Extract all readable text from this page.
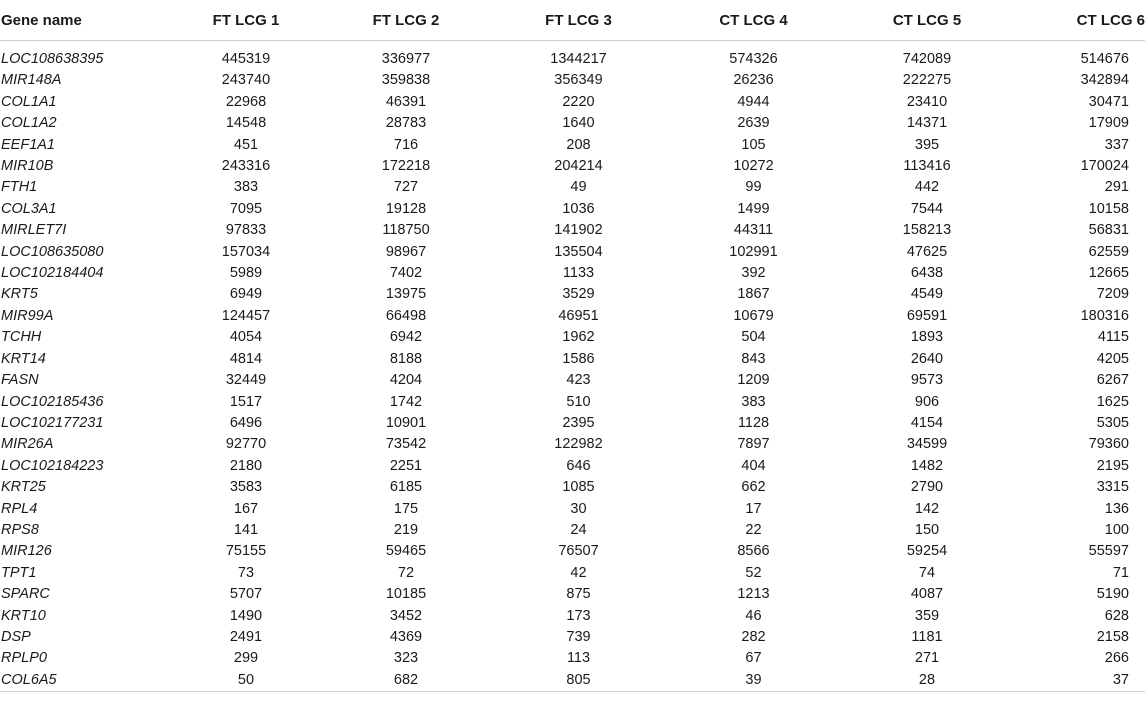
Gene name	FT LCG 1	FT LCG 2	FT LCG 3	CT LCG 4	CT LCG 5	CT LCG 6

LOC108638395	445319	336977	1344217	574326	742089	514676
MIR148A	243740	359838	356349	26236	222275	342894
COL1A1	22968	46391	2220	4944	23410	30471
COL1A2	14548	28783	1640	2639	14371	17909
EEF1A1	451	716	208	105	395	337
MIR10B	243316	172218	204214	10272	113416	170024
FTH1	383	727	49	99	442	291
COL3A1	7095	19128	1036	1499	7544	10158
MIRLET7I	97833	118750	141902	44311	158213	56831
LOC108635080	157034	98967	135504	102991	47625	62559
LOC102184404	5989	7402	1133	392	6438	12665
KRT5	6949	13975	3529	1867	4549	7209
MIR99A	124457	66498	46951	10679	69591	180316
TCHH	4054	6942	1962	504	1893	4115
KRT14	4814	8188	1586	843	2640	4205
FASN	32449	4204	423	1209	9573	6267
LOC102185436	1517	1742	510	383	906	1625
LOC102177231	6496	10901	2395	1128	4154	5305
MIR26A	92770	73542	122982	7897	34599	79360
LOC102184223	2180	2251	646	404	1482	2195
KRT25	3583	6185	1085	662	2790	3315
RPL4	167	175	30	17	142	136
RPS8	141	219	24	22	150	100
MIR126	75155	59465	76507	8566	59254	55597
TPT1	73	72	42	52	74	71
SPARC	5707	10185	875	1213	4087	5190
KRT10	1490	3452	173	46	359	628
DSP	2491	4369	739	282	1181	2158
RPLP0	299	323	113	67	271	266
COL6A5	50	682	805	39	28	37
